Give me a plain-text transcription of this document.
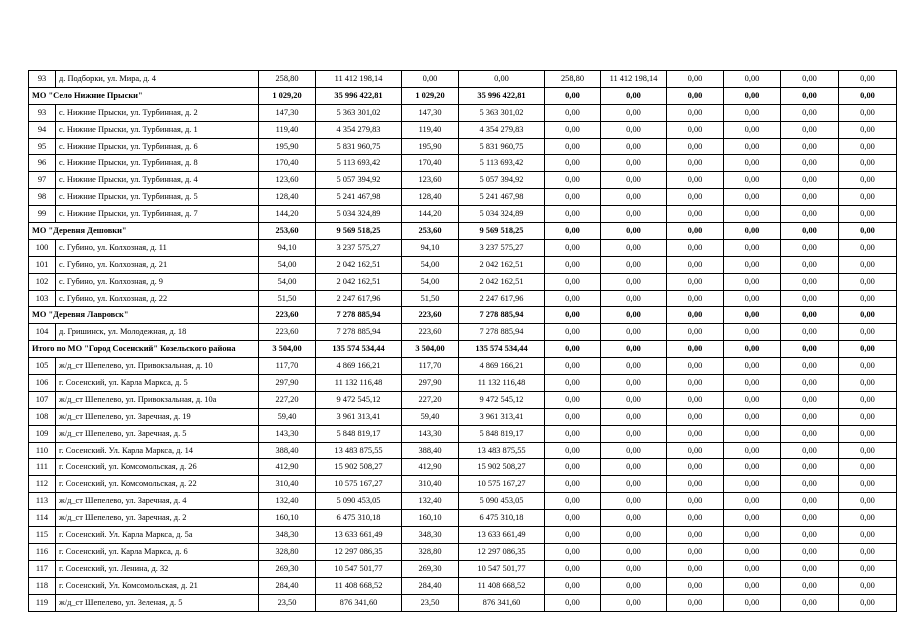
93	д. Подборки, ул. Мира, д. 4	258,80	11 412 198,14	0,00	0,00	258,80	11 412 198,14	0,00	0,00	0,00	0,00
МО "Село Нижние Прыски"		1 029,20	35 996 422,81	1 029,20	35 996 422,81	0,00	0,00	0,00	0,00	0,00	0,00
93	с. Нижние Прыски, ул. Турбинная, д. 2	147,30	5 363 301,02	147,30	5 363 301,02	0,00	0,00	0,00	0,00	0,00	0,00
94	с. Нижние Прыски, ул. Турбинная, д. 1	119,40	4 354 279,83	119,40	4 354 279,83	0,00	0,00	0,00	0,00	0,00	0,00
95	с. Нижние Прыски, ул. Турбинная, д. 6	195,90	5 831 960,75	195,90	5 831 960,75	0,00	0,00	0,00	0,00	0,00	0,00
96	с. Нижние Прыски, ул. Турбинная, д. 8	170,40	5 113 693,42	170,40	5 113 693,42	0,00	0,00	0,00	0,00	0,00	0,00
97	с. Нижние Прыски, ул. Турбинная, д. 4	123,60	5 057 394,92	123,60	5 057 394,92	0,00	0,00	0,00	0,00	0,00	0,00
98	с. Нижние Прыски, ул. Турбинная, д. 5	128,40	5 241 467,98	128,40	5 241 467,98	0,00	0,00	0,00	0,00	0,00	0,00
99	с. Нижние Прыски, ул. Турбинная, д. 7	144,20	5 034 324,89	144,20	5 034 324,89	0,00	0,00	0,00	0,00	0,00	0,00
МО "Деревня Дешовки"		253,60	9 569 518,25	253,60	9 569 518,25	0,00	0,00	0,00	0,00	0,00	0,00
100	с. Губино, ул. Колхозная, д. 11	94,10	3 237 575,27	94,10	3 237 575,27	0,00	0,00	0,00	0,00	0,00	0,00
101	с. Губино, ул. Колхозная, д. 21	54,00	2 042 162,51	54,00	2 042 162,51	0,00	0,00	0,00	0,00	0,00	0,00
102	с. Губино, ул. Колхозная, д. 9	54,00	2 042 162,51	54,00	2 042 162,51	0,00	0,00	0,00	0,00	0,00	0,00
103	с. Губино, ул. Колхозная, д. 22	51,50	2 247 617,96	51,50	2 247 617,96	0,00	0,00	0,00	0,00	0,00	0,00
МО "Деревня Лавровск"		223,60	7 278 885,94	223,60	7 278 885,94	0,00	0,00	0,00	0,00	0,00	0,00
104	д. Гришинск, ул. Молодежная, д. 18	223,60	7 278 885,94	223,60	7 278 885,94	0,00	0,00	0,00	0,00	0,00	0,00
Итого по МО "Город Сосенский" Козельского района		3 504,00	135 574 534,44	3 504,00	135 574 534,44	0,00	0,00	0,00	0,00	0,00	0,00
105	ж/д_ст Шепелево, ул. Привокзальная, д. 10	117,70	4 869 166,21	117,70	4 869 166,21	0,00	0,00	0,00	0,00	0,00	0,00
106	г. Сосенский, ул. Карла Маркса, д. 5	297,90	11 132 116,48	297,90	11 132 116,48	0,00	0,00	0,00	0,00	0,00	0,00
107	ж/д_ст Шепелево, ул. Привокзальная, д. 10а	227,20	9 472 545,12	227,20	9 472 545,12	0,00	0,00	0,00	0,00	0,00	0,00
108	ж/д_ст Шепелево, ул. Заречная, д. 19	59,40	3 961 313,41	59,40	3 961 313,41	0,00	0,00	0,00	0,00	0,00	0,00
109	ж/д_ст Шепелево, ул. Заречная, д. 5	143,30	5 848 819,17	143,30	5 848 819,17	0,00	0,00	0,00	0,00	0,00	0,00
110	г. Сосенский. Ул. Карла Маркса, д. 14	388,40	13 483 875,55	388,40	13 483 875,55	0,00	0,00	0,00	0,00	0,00	0,00
111	г. Сосенский, ул. Комсомольская, д. 26	412,90	15 902 508,27	412,90	15 902 508,27	0,00	0,00	0,00	0,00	0,00	0,00
112	г. Сосенский, ул. Комсомольская, д. 22	310,40	10 575 167,27	310,40	10 575 167,27	0,00	0,00	0,00	0,00	0,00	0,00
113	ж/д_ст Шепелево, ул. Заречная, д. 4	132,40	5 090 453,05	132,40	5 090 453,05	0,00	0,00	0,00	0,00	0,00	0,00
114	ж/д_ст Шепелево, ул. Заречная, д. 2	160,10	6 475 310,18	160,10	6 475 310,18	0,00	0,00	0,00	0,00	0,00	0,00
115	г. Сосенский. Ул. Карла Маркса, д. 5а	348,30	13 633 661,49	348,30	13 633 661,49	0,00	0,00	0,00	0,00	0,00	0,00
116	г. Сосенский, ул. Карла Маркса, д. 6	328,80	12 297 086,35	328,80	12 297 086,35	0,00	0,00	0,00	0,00	0,00	0,00
117	г. Сосенский, ул. Ленина, д. 32	269,30	10 547 501,77	269,30	10 547 501,77	0,00	0,00	0,00	0,00	0,00	0,00
118	г. Сосенский, Ул. Комсомольская, д. 21	284,40	11 408 668,52	284,40	11 408 668,52	0,00	0,00	0,00	0,00	0,00	0,00
119	ж/д_ст Шепелево, ул. Зеленая, д. 5	23,50	876 341,60	23,50	876 341,60	0,00	0,00	0,00	0,00	0,00	0,00
